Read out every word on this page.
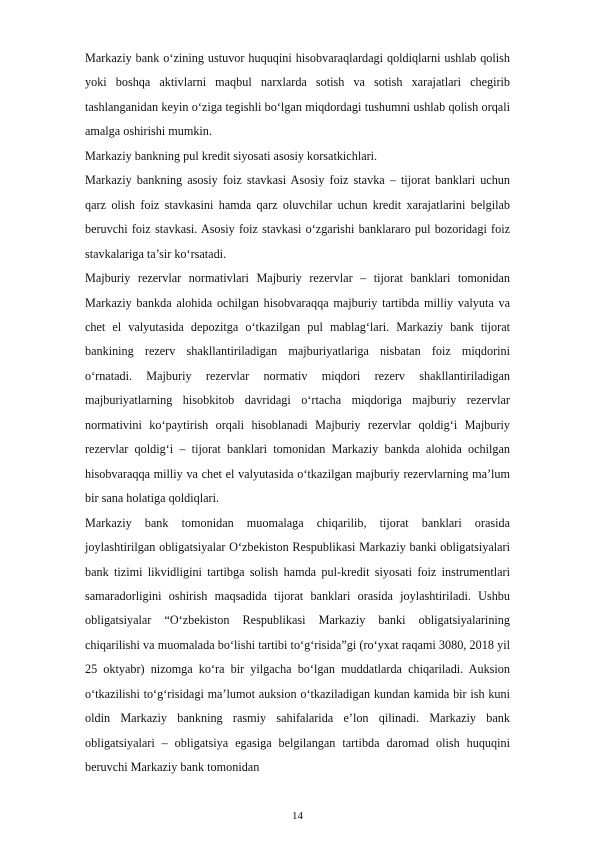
Markaziy bank o‘zining ustuvor huquqini hisobvaraqlardagi qoldiqlarni ushlab qolish yoki boshqa aktivlarni maqbul narxlarda sotish va sotish xarajatlari chegirib tashlanganidan keyin o‘ziga tegishli bo‘lgan miqdordagi tushumni ushlab qolish orqali amalga oshirishi mumkin.

Markaziy bankning pul kredit siyosati asosiy korsatkichlari.

Markaziy bankning asosiy foiz stavkasi Asosiy foiz stavka – tijorat banklari uchun qarz olish foiz stavkasini hamda qarz oluvchilar uchun kredit xarajatlarini belgilab beruvchi foiz stavkasi. Asosiy foiz stavkasi o‘zgarishi banklararo pul bozoridagi foiz stavkalariga ta’sir ko‘rsatadi.

Majburiy rezervlar normativlari Majburiy rezervlar – tijorat banklari tomonidan Markaziy bankda alohida ochilgan hisobvaraqqa majburiy tartibda milliy valyuta va chet el valyutasida depozitga o‘tkazilgan pul mablag‘lari. Markaziy bank tijorat bankining rezerv shakllantiriladigan majburiyatlariga nisbatan foiz miqdorini o‘rnatadi. Majburiy rezervlar normativ miqdori rezerv shakllantiriladigan majburiyatlarning hisobkitob davridagi o‘rtacha miqdoriga majburiy rezervlar normativini ko‘paytirish orqali hisoblanadi Majburiy rezervlar qoldig‘i Majburiy rezervlar qoldig‘i – tijorat banklari tomonidan Markaziy bankda alohida ochilgan hisobvaraqqa milliy va chet el valyutasida o‘tkazilgan majburiy rezervlarning ma’lum bir sana holatiga qoldiqlari.

Markaziy bank tomonidan muomalaga chiqarilib, tijorat banklari orasida joylashtirilgan obligatsiyalar O‘zbekiston Respublikasi Markaziy banki obligatsiyalari bank tizimi likvidligini tartibga solish hamda pul-kredit siyosati foiz instrumentlari samaradorligini oshirish maqsadida tijorat banklari orasida joylashtiriladi. Ushbu obligatsiyalar “O‘zbekiston Respublikasi Markaziy banki obligatsiyalarining chiqarilishi va muomalada bo‘lishi tartibi to‘g‘risida”gi (ro‘yxat raqami 3080, 2018 yil 25 oktyabr) nizomga ko‘ra bir yilgacha bo‘lgan muddatlarda chiqariladi. Auksion o‘tkazilishi to‘g‘risidagi ma’lumot auksion o‘tkaziladigan kundan kamida bir ish kuni oldin Markaziy bankning rasmiy sahifalarida e’lon qilinadi. Markaziy bank obligatsiyalari – obligatsiya egasiga belgilangan tartibda daromad olish huquqini beruvchi Markaziy bank tomonidan

14
